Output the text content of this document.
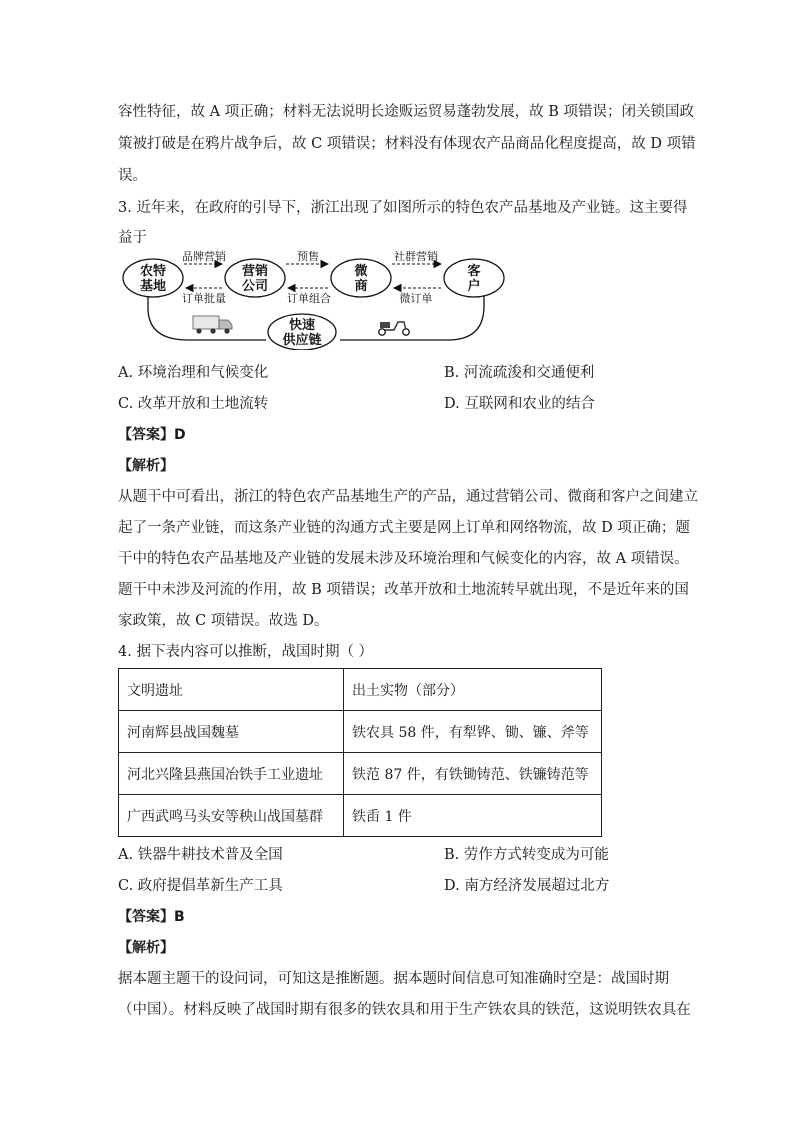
容性特征，故 A 项正确；材料无法说明长途贩运贸易蓬勃发展，故 B 项错误；闭关锁国政
策被打破是在鸦片战争后，故 C 项错误；材料没有体现农产品商品化程度提高，故 D 项错
误。
3. 近年来，在政府的引导下，浙江出现了如图所示的特色农产品基地及产业链。这主要得
益于
农特
基地
营销
公司
微
商
客
户
快速
供应链
品牌营销	预售	社群营销
订单批量	订单组合	微订单
A. 环境治理和气候变化	B. 河流疏浚和交通便利
C. 改革开放和土地流转	D. 互联网和农业的结合
【答案】D
【解析】
从题干中可看出，浙江的特色农产品基地生产的产品，通过营销公司、微商和客户之间建立
起了一条产业链，而这条产业链的沟通方式主要是网上订单和网络物流，故 D 项正确；题
干中的特色农产品基地及产业链的发展未涉及环境治理和气候变化的内容，故 A 项错误。
题干中未涉及河流的作用，故 B 项错误；改革开放和土地流转早就出现，不是近年来的国
家政策，故 C 项错误。故选 D。
4. 据下表内容可以推断，战国时期（ ）
文明遗址	出土实物（部分）
河南辉县战国魏墓	铁农具 58 件，有犁铧、锄、镰、斧等
河北兴隆县燕国冶铁手工业遗址	铁范 87 件，有铁锄铸范、铁镰铸范等
广西武鸣马头安等秧山战国墓群	铁臿 1 件
A. 铁器牛耕技术普及全国	B. 劳作方式转变成为可能
C. 政府提倡革新生产工具	D. 南方经济发展超过北方
【答案】B
【解析】
据本题主题干的设问词，可知这是推断题。据本题时间信息可知准确时空是：战国时期
（中国）。材料反映了战国时期有很多的铁农具和用于生产铁农具的铁范，这说明铁农具在
